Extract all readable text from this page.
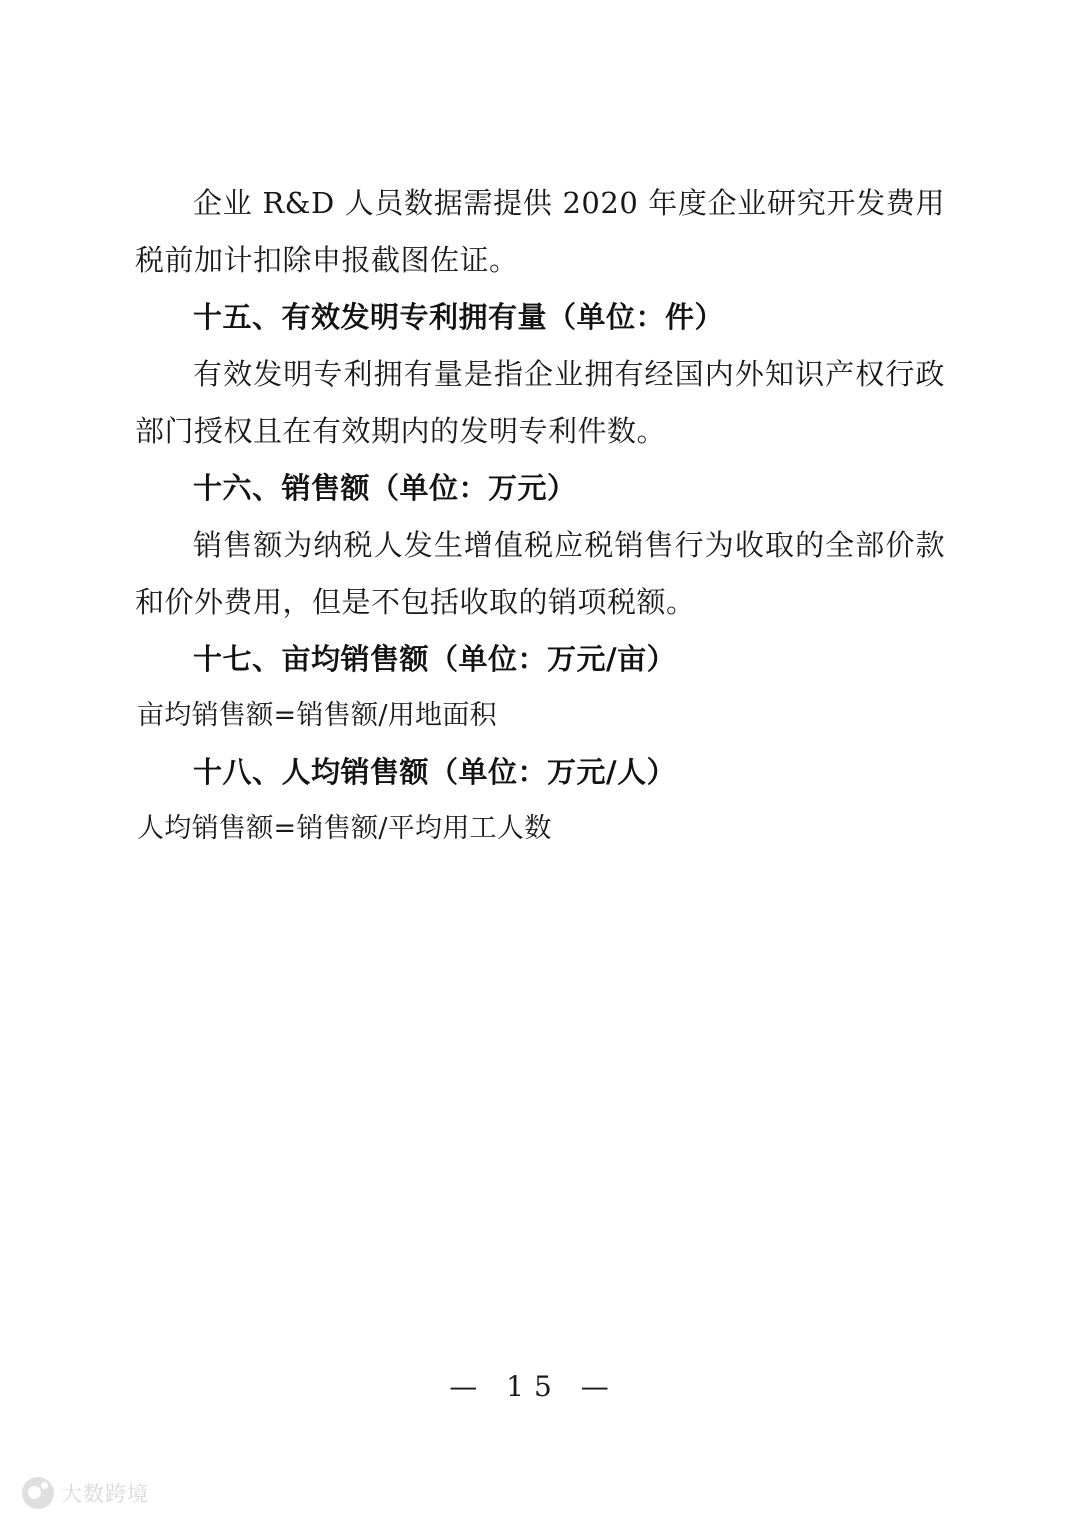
企业 R&D 人员数据需提供 2020 年度企业研究开发费用税前加计扣除申报截图佐证。

十五、有效发明专利拥有量（单位：件）

有效发明专利拥有量是指企业拥有经国内外知识产权行政部门授权且在有效期内的发明专利件数。

十六、销售额（单位：万元）

销售额为纳税人发生增值税应税销售行为收取的全部价款和价外费用，但是不包括收取的销项税额。

十七、亩均销售额（单位：万元/亩）

亩均销售额=销售额/用地面积

十八、人均销售额（单位：万元/人）

人均销售额=销售额/平均用工人数

— 15 —
大数跨境
